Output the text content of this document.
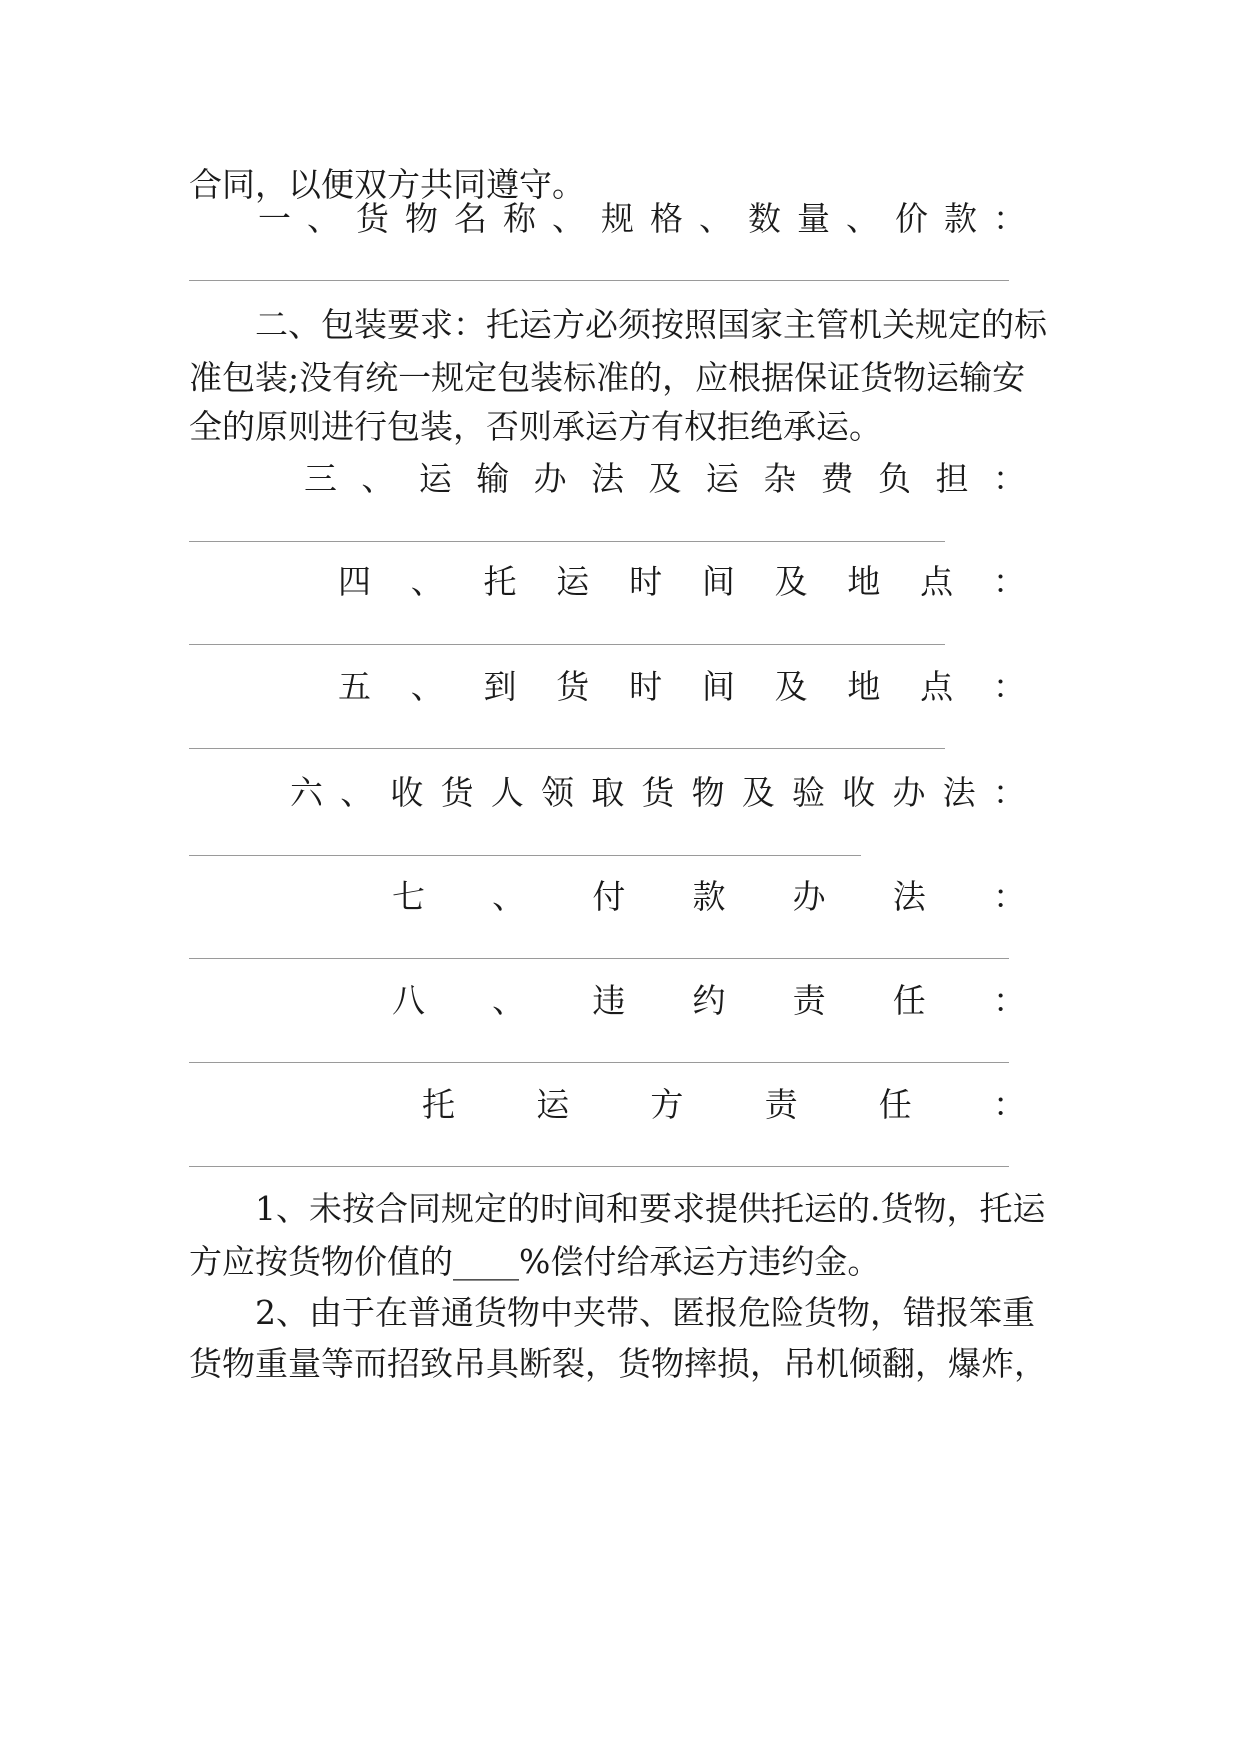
合同，以便双方共同遵守。
一 、 货 物 名 称 、 规 格 、 数 量 、 价 款 ：
二、包装要求：托运方必须按照国家主管机关规定的标
准包装;没有统一规定包装标准的，应根据保证货物运输安
全的原则进行包装，否则承运方有权拒绝承运。
三 、 运 输 办 法 及 运 杂 费 负 担 ：
四 、 托 运 时 间 及 地 点 ：
五 、 到 货 时 间 及 地 点 ：
六 、 收 货 人 领 取 货 物 及 验 收 办 法 ：
七 、 付 款 办 法 ：
八 、 违 约 责 任 ：
托 运 方 责 任 ：
1、未按合同规定的时间和要求提供托运的.货物，托运
方应按货物价值的____%偿付给承运方违约金。
2、由于在普通货物中夹带、匿报危险货物，错报笨重
货物重量等而招致吊具断裂，货物摔损，吊机倾翻，爆炸，
